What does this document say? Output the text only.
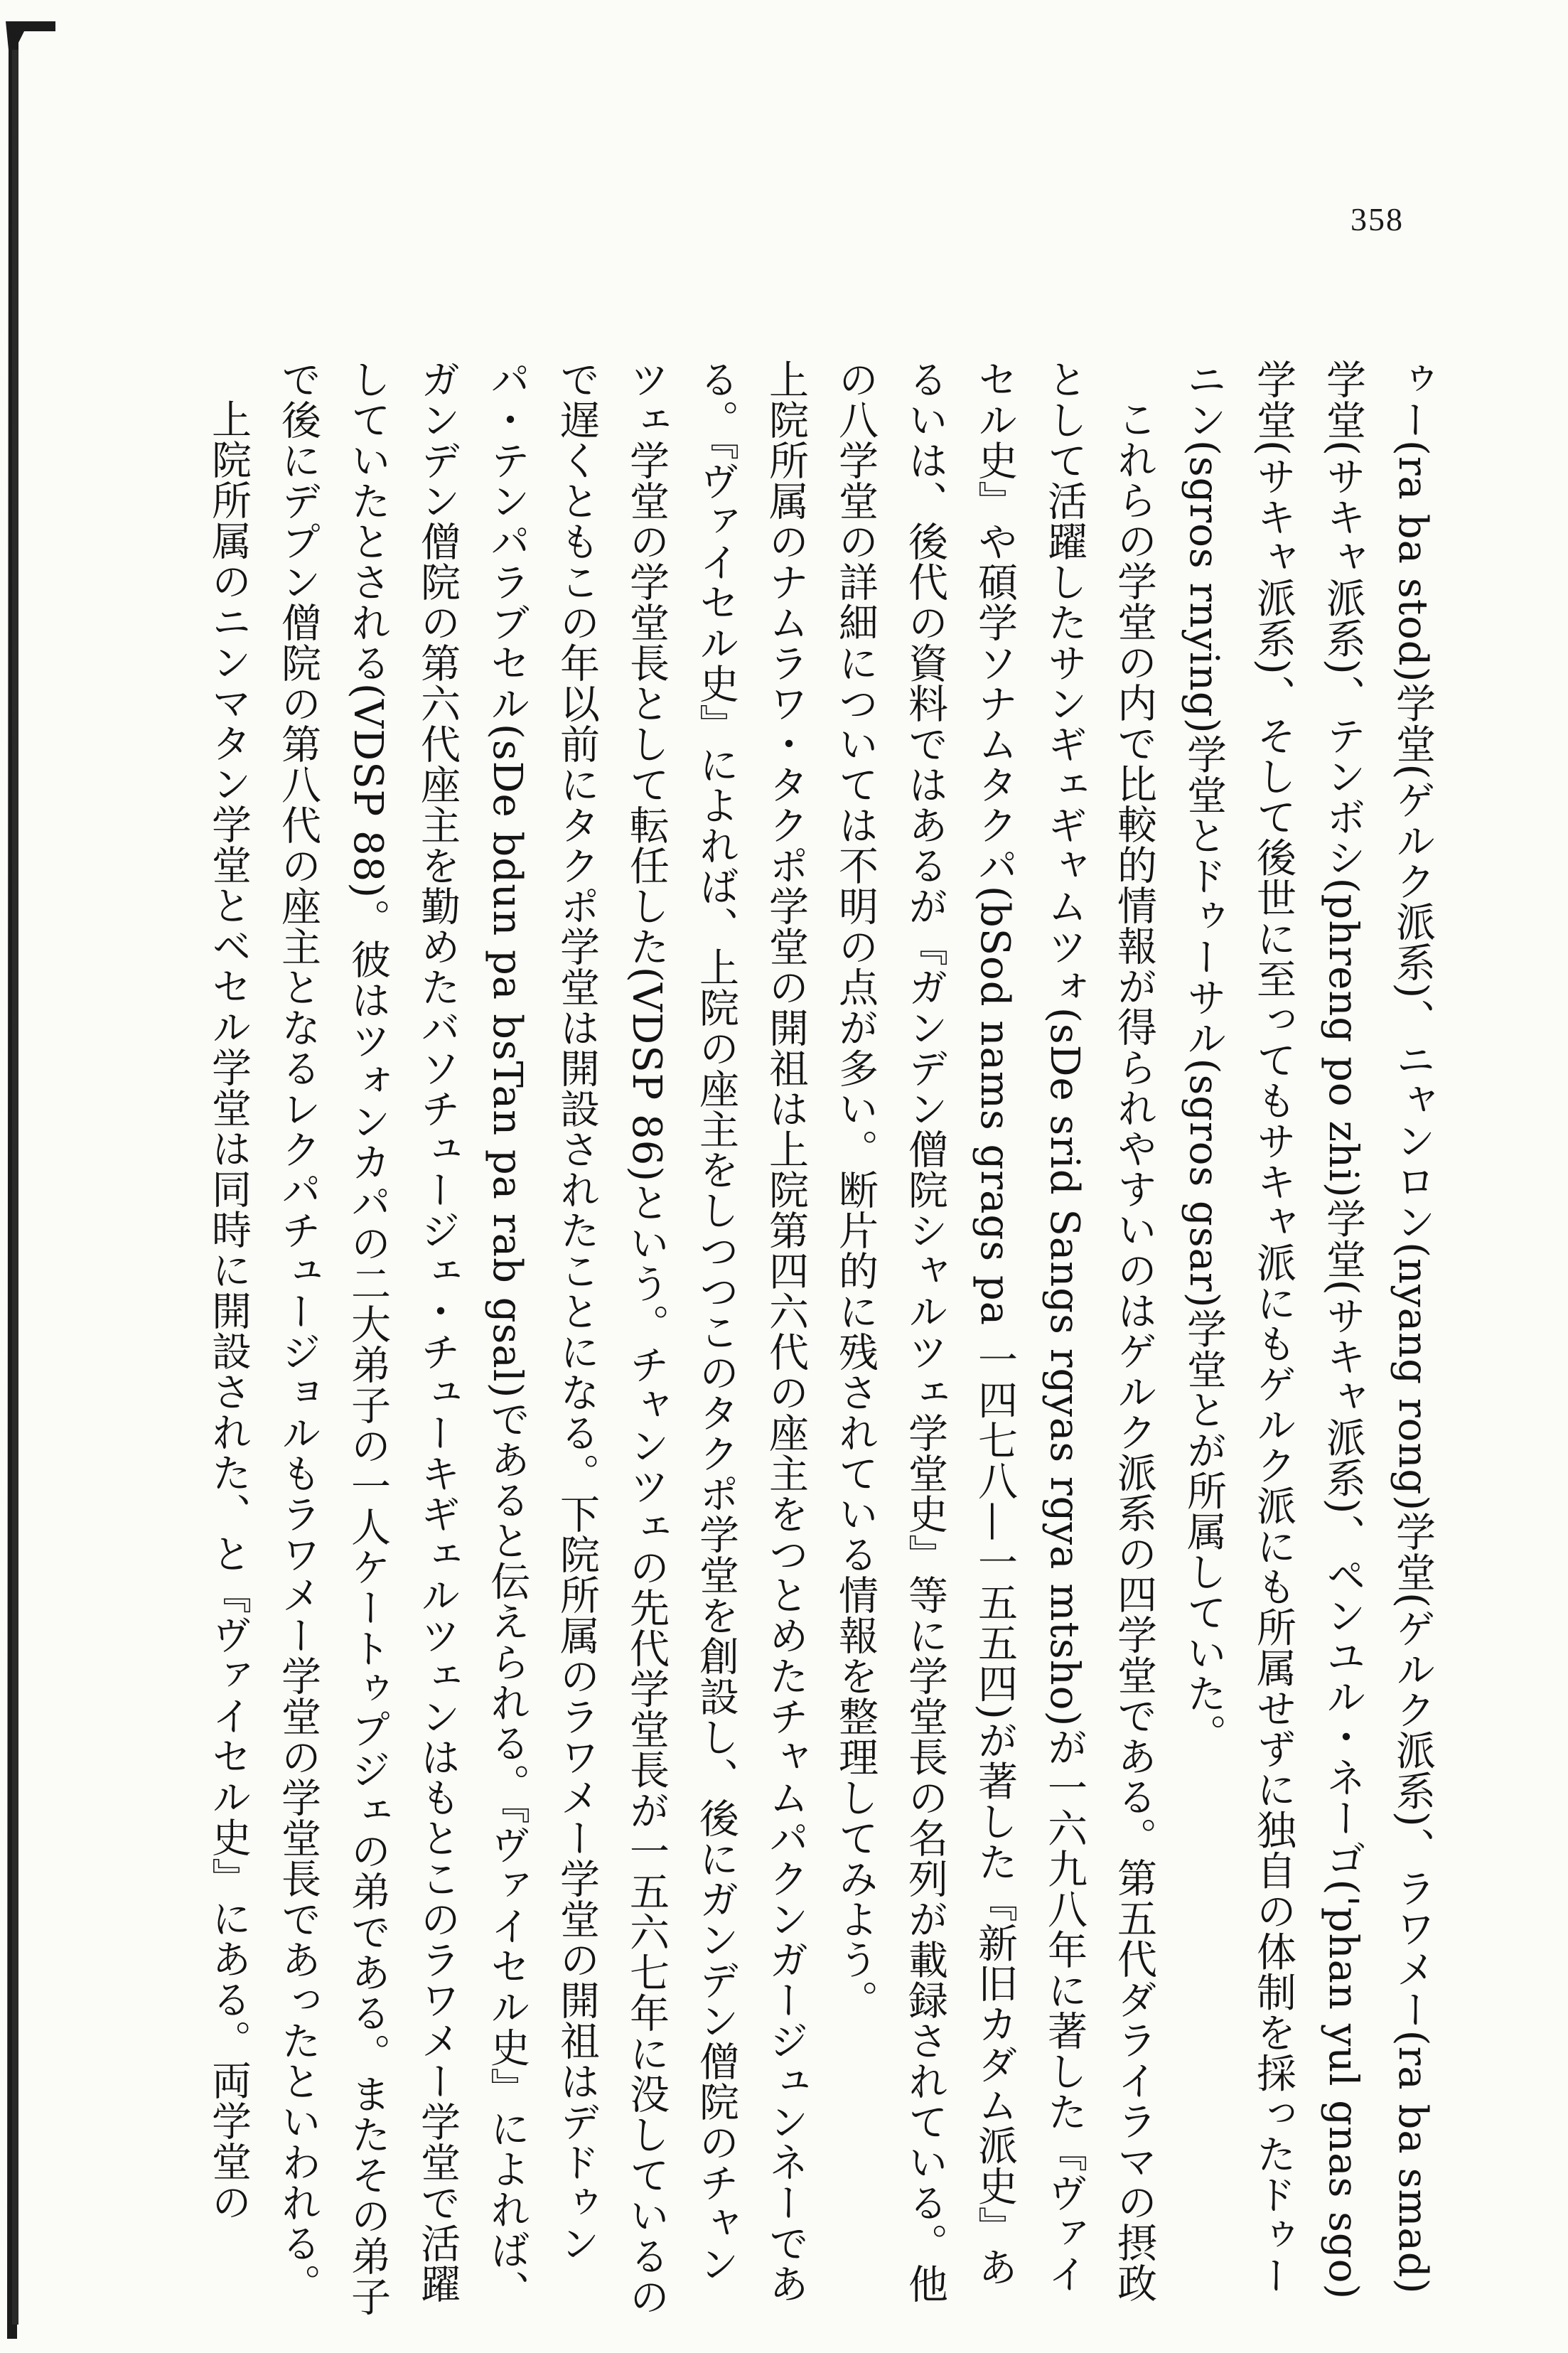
358

ゥー(ra ba stod)学堂(ゲルク派系)、ニャンロン(nyang rong)学堂(ゲルク派系)、ラワメー(ra ba smad)学堂(サキャ派系)、テンボシ(phreng po zhi)学堂(サキャ派系)、ペンユル・ネーゴ('phan yul gnas sgo)学堂(サキャ派系)、そして後世に至ってもサキャ派にもゲルク派にも所属せずに独自の体制を採ったドゥーニン(sgros rnying)学堂とドゥーサル(sgros gsar)学堂とが所属していた。

これらの学堂の内で比較的情報が得られやすいのはゲルク派系の四学堂である。第五代ダライラマの摂政として活躍したサンギェギャムツォ(sDe srid Sangs rgyas rgya mtsho)が一六九八年に著した『ヴァイセル史』や碩学ソナムタクパ(bSod nams grags pa 一四七八—一五五四)が著した『新旧カダム派史』あるいは、後代の資料ではあるが『ガンデン僧院シャルツェ学堂史』等に学堂長の名列が載録されている。他の八学堂の詳細については不明の点が多い。断片的に残されている情報を整理してみよう。

上院所属のナムラワ・タクポ学堂の開祖は上院第四六代の座主をつとめたチャムパクンガージュンネーである。『ヴァイセル史』によれば、上院の座主をしつつこのタクポ学堂を創設し、後にガンデン僧院のチャンツェ学堂の学堂長として転任した(VDSP 86)という。チャンツェの先代学堂長が一五六七年に没しているので遅くともこの年以前にタクポ学堂は開設されたことになる。下院所属のラワメー学堂の開祖はデドゥンパ・テンパラブセル(sDe bdun pa bsTan pa rab gsal)であると伝えられる。『ヴァイセル史』によれば、ガンデン僧院の第六代座主を勤めたバソチュージェ・チューキギェルツェンはもとこのラワメー学堂で活躍していたとされる(VDSP 88)。彼はツォンカパの二大弟子の一人ケートゥプジェの弟である。またその弟子で後にデプン僧院の第八代の座主となるレクパチュージョルもラワメー学堂の学堂長であったといわれる。

上院所属のニンマタン学堂とベセル学堂は同時に開設された、と『ヴァイセル史』にある。両学堂の
